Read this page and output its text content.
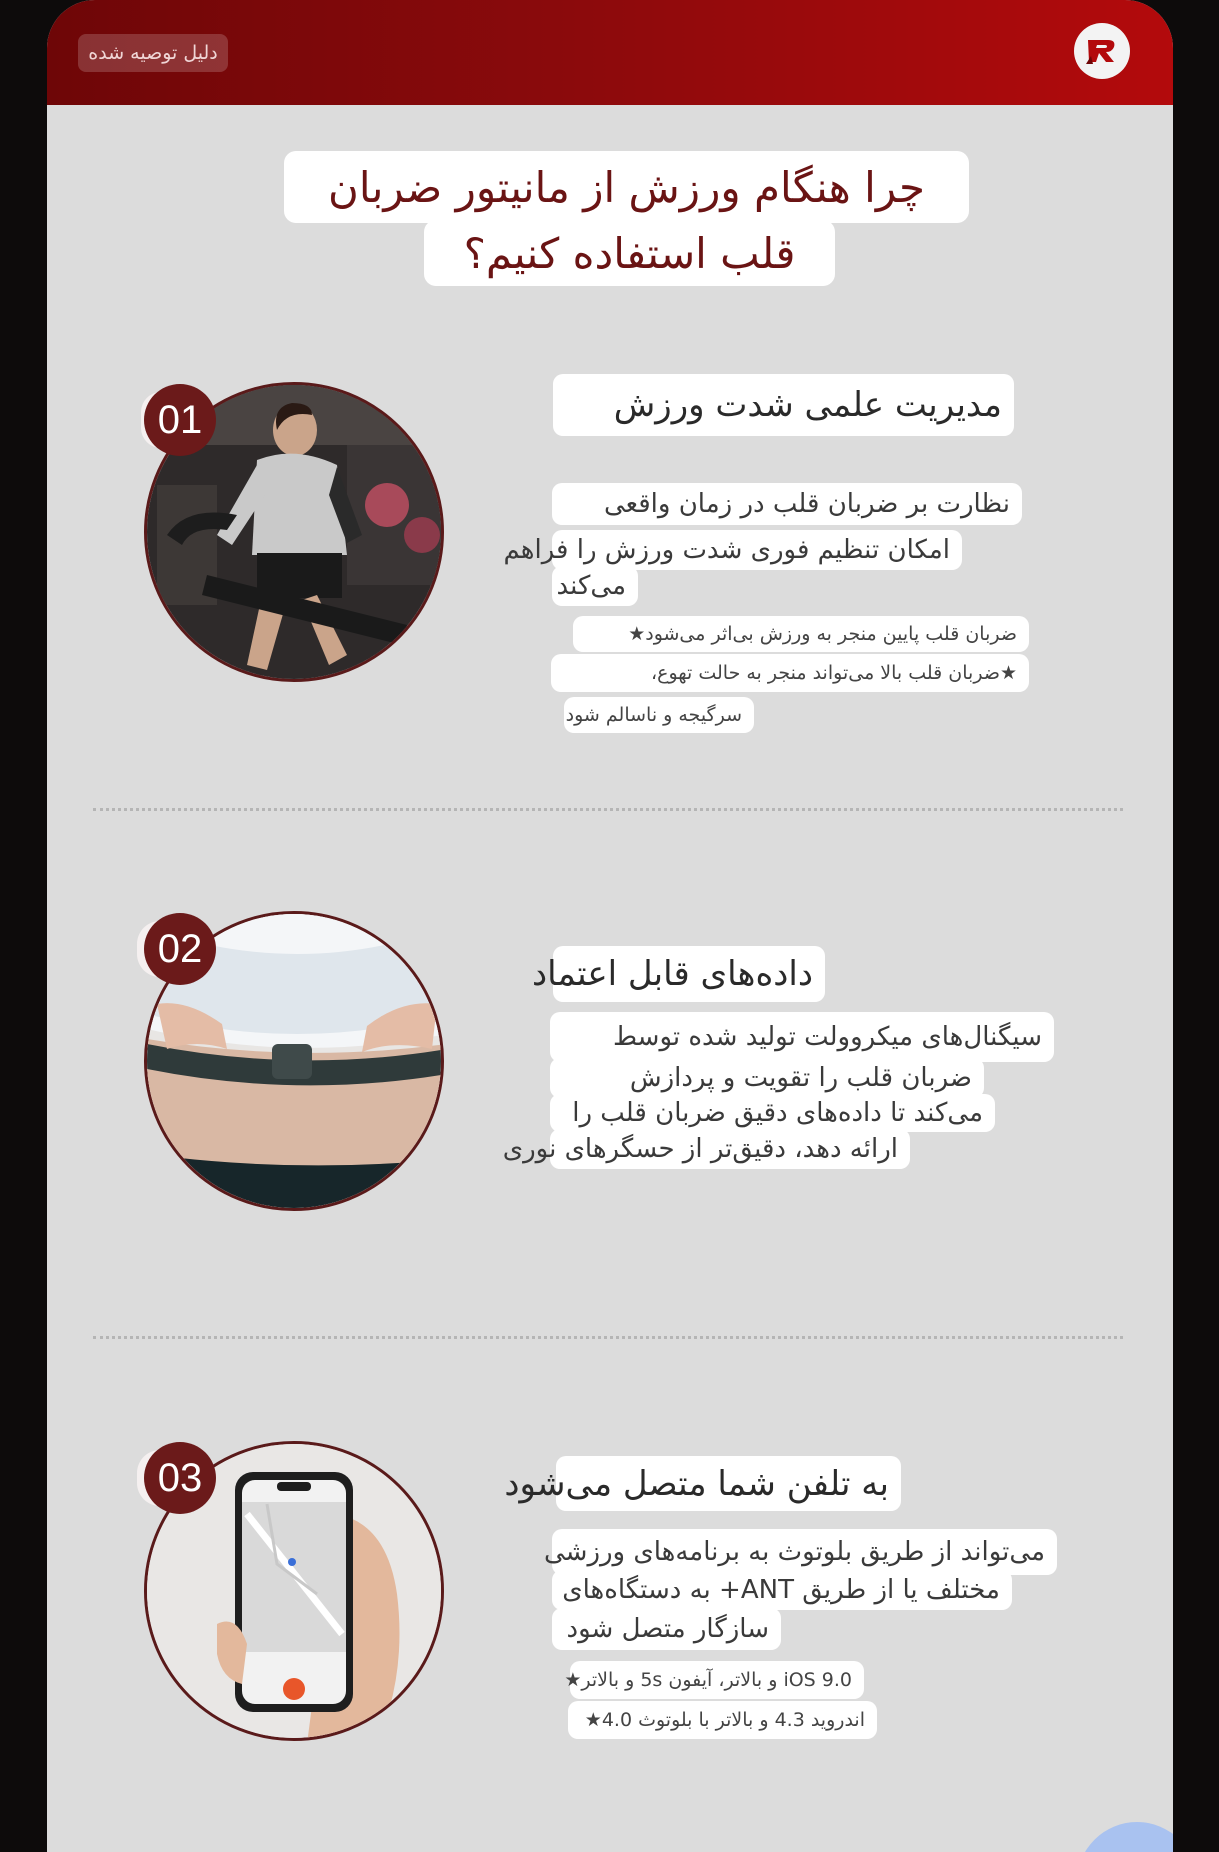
دلیل توصیه شده
چرا هنگام ورزش از مانیتور ضربان
قلب استفاده کنیم؟
01	مدیریت علمی شدت ورزش
نظارت بر ضربان قلب در زمان واقعی
امکان تنظیم فوری شدت ورزش را فراهم
می‌کند
ضربان قلب پایین منجر به ورزش بی‌اثر می‌شود★
★ضربان قلب بالا می‌تواند منجر به حالت تهوع،
سرگیجه و ناسالم شود
02
داده‌های قابل اعتماد
سیگنال‌های میکروولت تولید شده توسط
ضربان قلب را تقویت و پردازش
می‌کند تا داده‌های دقیق ضربان قلب را
ارائه دهد، دقیق‌تر از حسگرهای نوری
03	به تلفن شما متصل می‌شود
می‌تواند از طریق بلوتوث به برنامه‌های ورزشی
مختلف یا از طریق ANT+ به دستگاه‌های
سازگار متصل شود
iOS 9.0 و بالاتر، آیفون 5s و بالاتر★
اندروید 4.3 و بالاتر با بلوتوث 4.0★
